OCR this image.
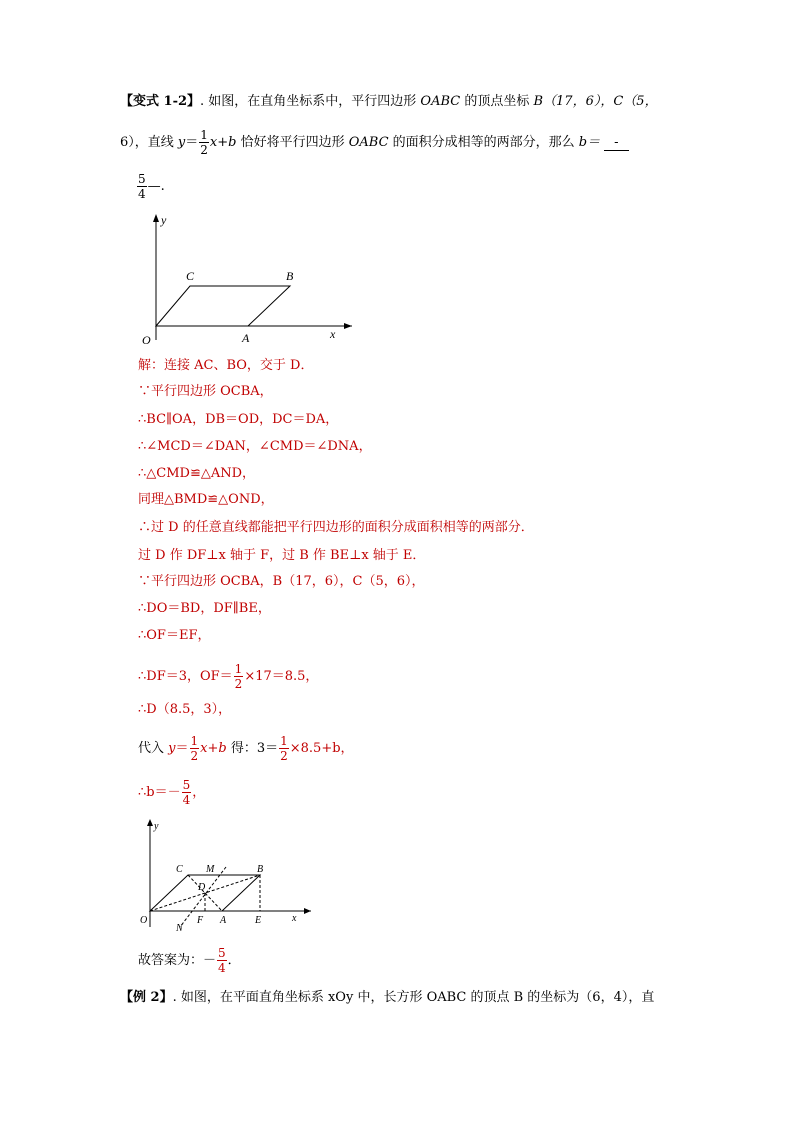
【变式 1-2】. 如图，在直角坐标系中，平行四边形 OABC 的顶点坐标 B（17，6），C（5，
6），直线 $y= \frac{1}{2} x+b$ 恰好将平行四边形 OABC 的面积分成相等的两部分，那么 b＝ -
$\frac{5}{4}$ —.
y
x
O	A
B
C
解：连接 AC、BO，交于 D．
∵平行四边形 OCBA，
∴BC∥OA，DB＝OD，DC＝DA，
∴∠MCD＝∠DAN，∠CMD＝∠DNA，
∴△CMD≌△AND，
同理△BMD≌△OND，
∴过 D 的任意直线都能把平行四边形的面积分成面积相等的两部分．
过 D 作 DF⊥x 轴于 F，过 B 作 BE⊥x 轴于 E．
∵平行四边形 OCBA，B（17，6），C（5，6），
∴DO＝BD，DF∥BE，
∴OF＝EF，
∴DF＝3，$OF= \frac{1}{2} \times 17=8.5$，
∴D（8.5，3），
代入 $y= \frac{1}{2} x+b$ 得：$3= \frac{1}{2} \times 8.5+b$，
∴b＝－ $\frac{5}{4}$ ，
y
x
O	A
B
C
D
M
N
F	E
故答案为：－ $\frac{5}{4}$ ．
【例 2】. 如图，在平面直角坐标系 xOy 中，长方形 OABC 的顶点 B 的坐标为（6，4），直
